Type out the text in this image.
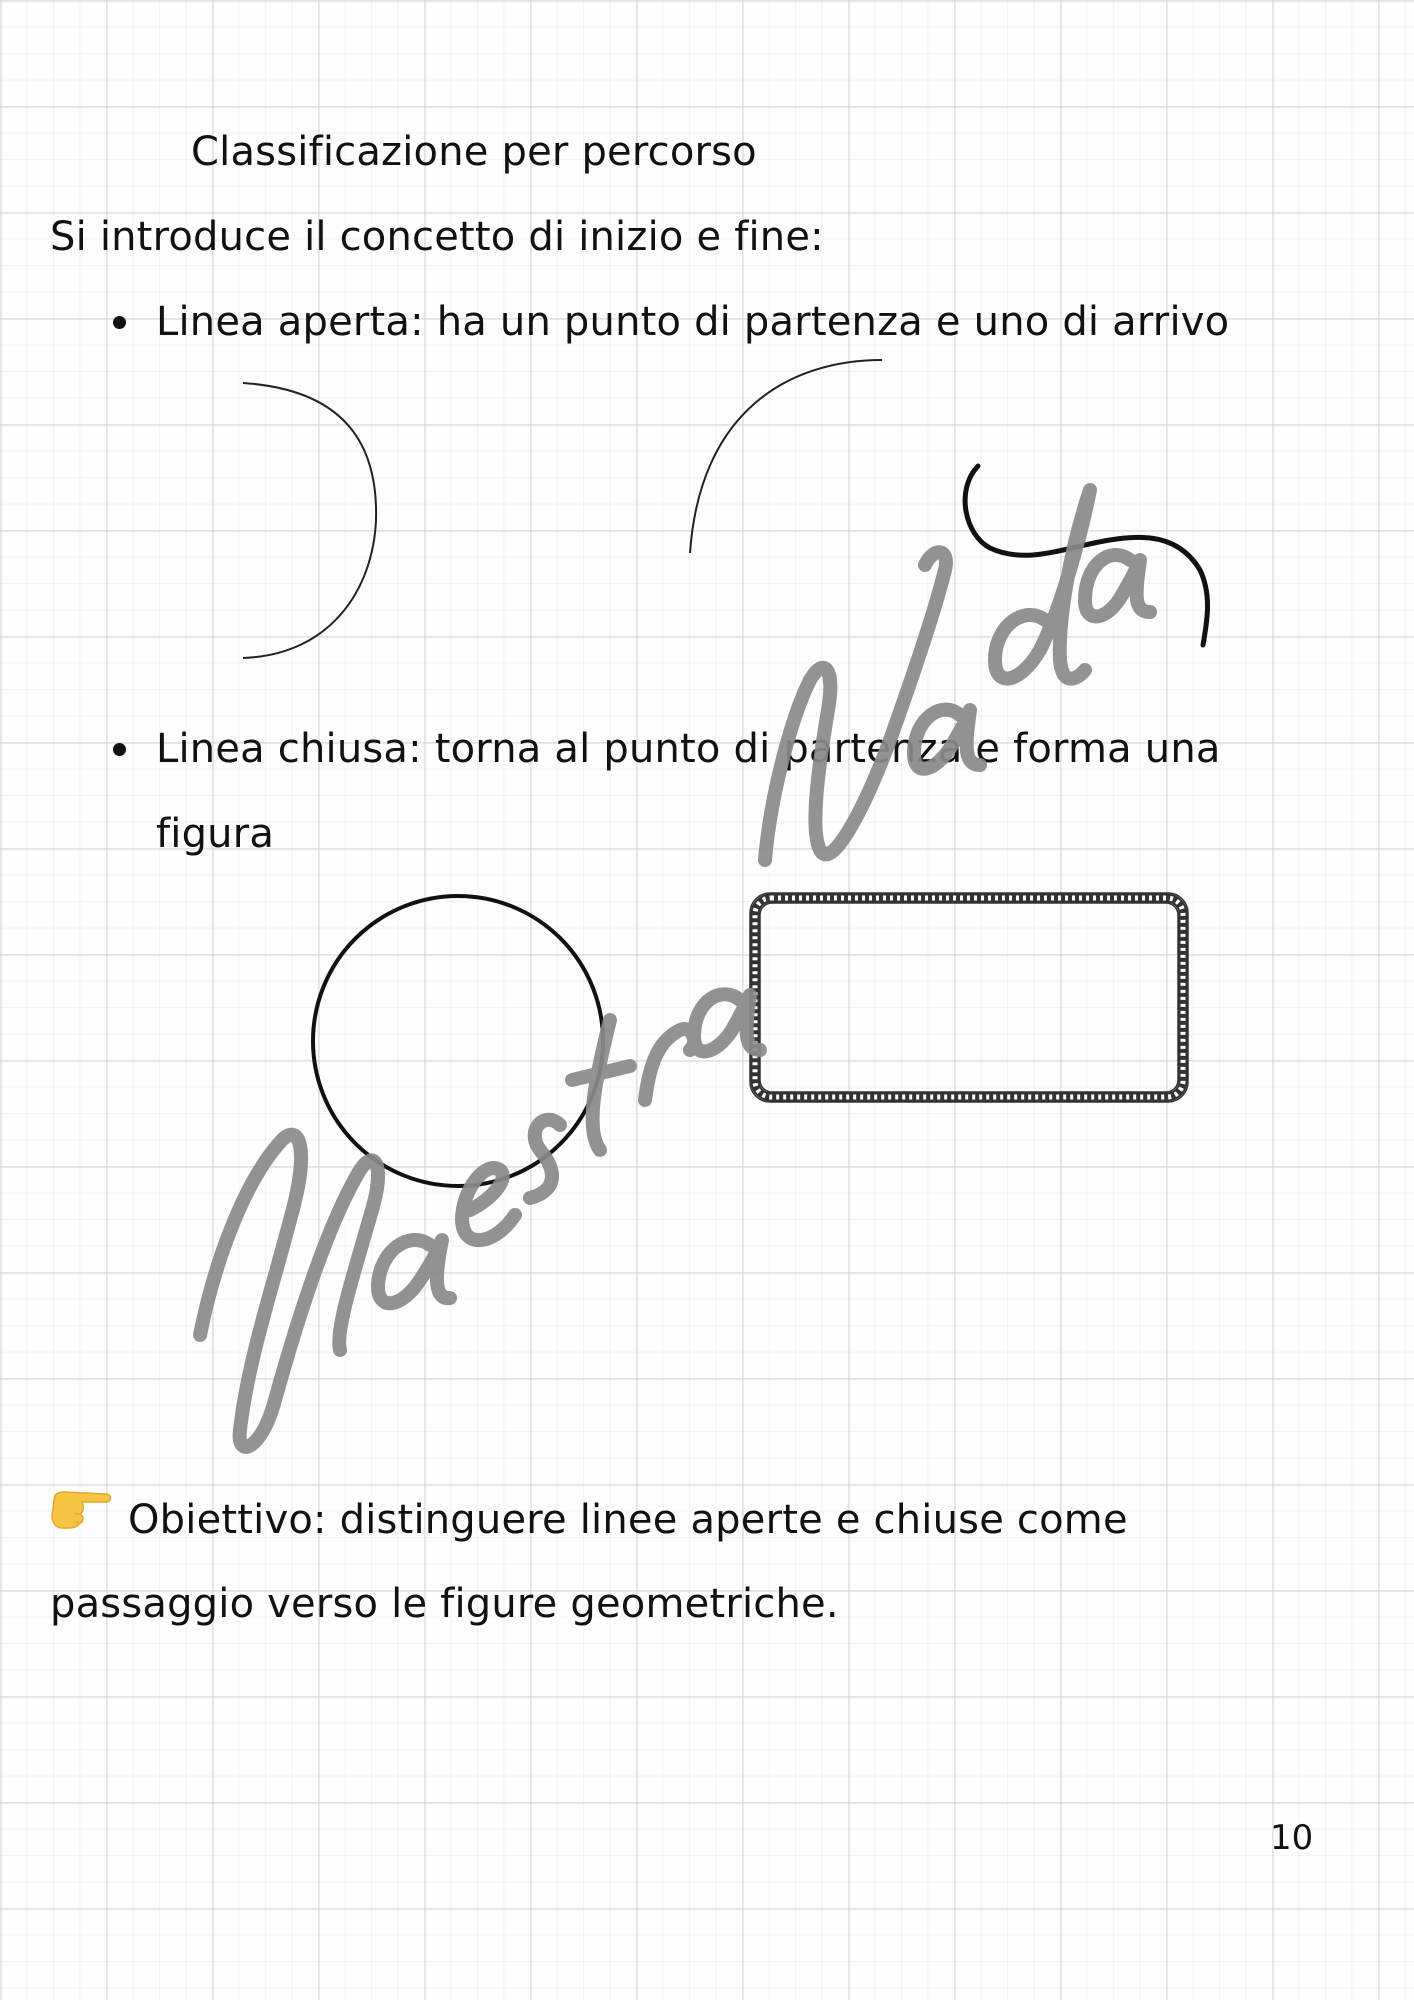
Classificazione per percorso
Si introduce il concetto di inizio e fine:
Linea aperta: ha un punto di partenza e uno di arrivo
Linea chiusa: torna al punto di partenza e forma una
figura
Obiettivo: distinguere linee aperte e chiuse come
passaggio verso le figure geometriche.
10
